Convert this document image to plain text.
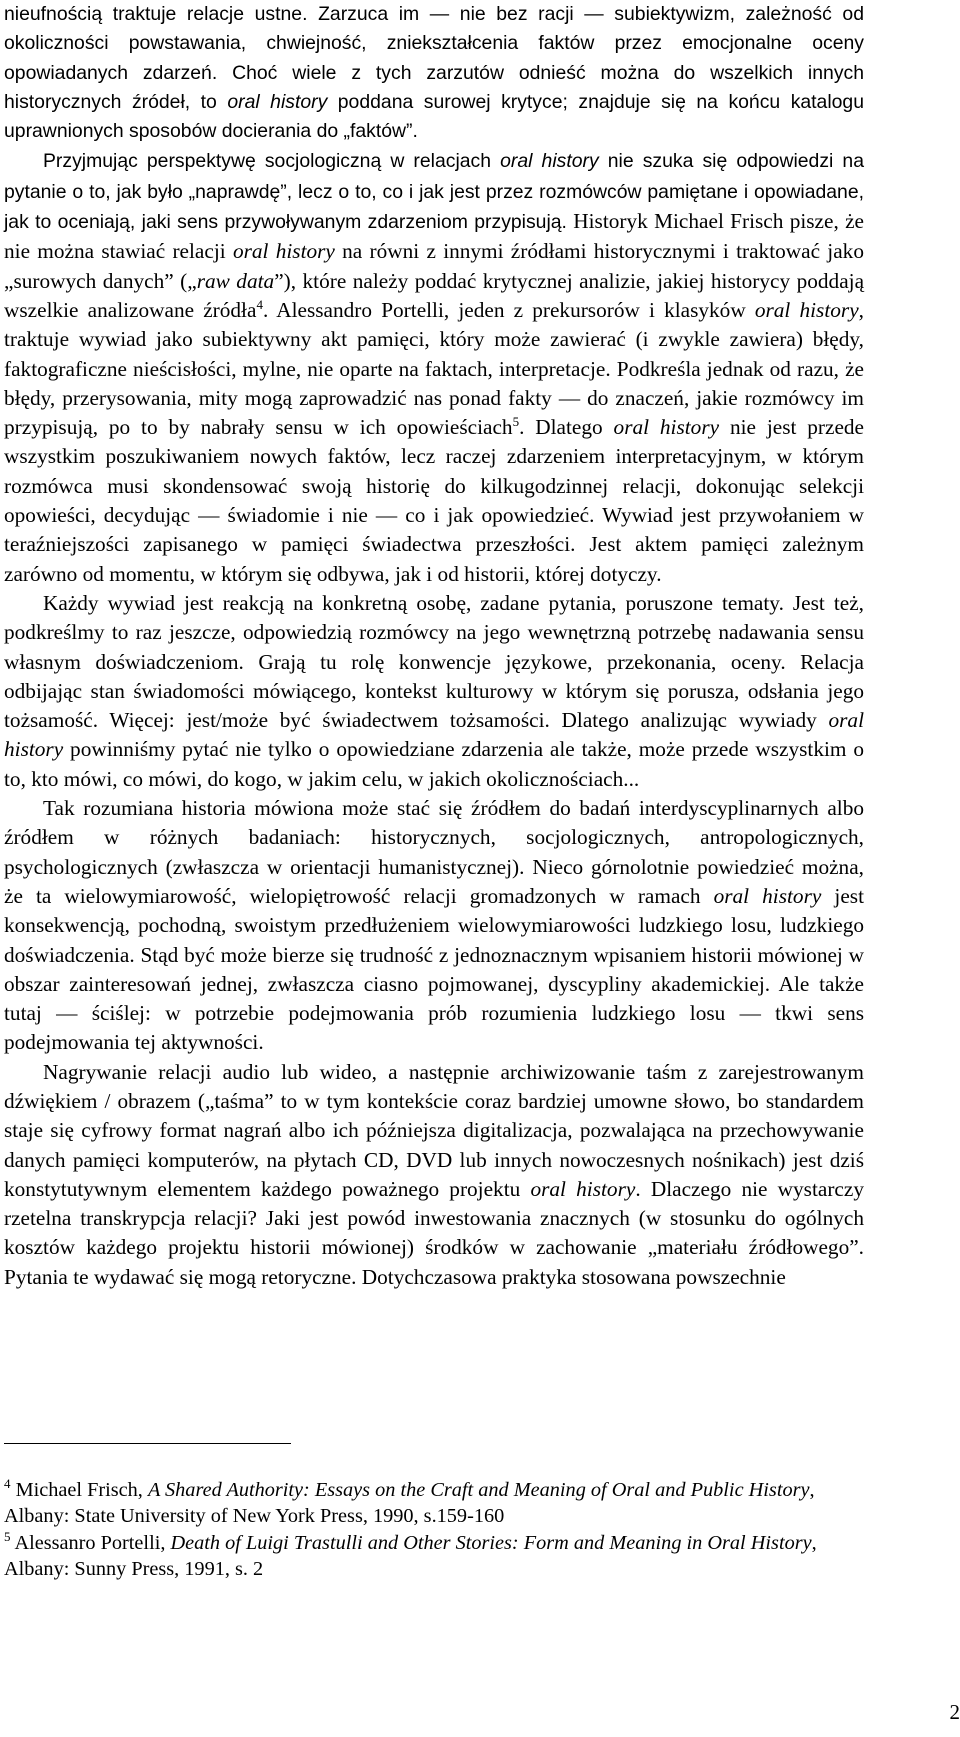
nieufnością traktuje relacje ustne. Zarzuca im — nie bez racji — subiektywizm, zależność od okoliczności powstawania, chwiejność, zniekształcenia faktów przez emocjonalne oceny opowiadanych zdarzeń. Choć wiele z tych zarzutów odnieść można do wszelkich innych historycznych źródeł, to oral history poddana surowej krytyce; znajduje się na końcu katalogu uprawnionych sposobów docierania do „faktów”.

Przyjmując perspektywę socjologiczną w relacjach oral history nie szuka się odpowiedzi na pytanie o to, jak było „naprawdę”, lecz o to, co i jak jest przez rozmówców pamiętane i opowiadane, jak to oceniają, jaki sens przywoływanym zdarzeniom przypisują. Historyk Michael Frisch pisze, że nie można stawiać relacji oral history na równi z innymi źródłami historycznymi i traktować jako „surowych danych” („raw data”), które należy poddać krytycznej analizie, jakiej historycy poddają wszelkie analizowane źródła$^4$. Alessandro Portelli, jeden z prekursorów i klasyków oral history, traktuje wywiad jako subiektywny akt pamięci, który może zawierać (i zwykle zawiera) błędy, faktograficzne nieścisłości, mylne, nie oparte na faktach, interpretacje. Podkreśla jednak od razu, że błędy, przerysowania, mity mogą zaprowadzić nas ponad fakty — do znaczeń, jakie rozmówcy im przypisują, po to by nabrały sensu w ich opowieściach$^5$. Dlatego oral history nie jest przede wszystkim poszukiwaniem nowych faktów, lecz raczej zdarzeniem interpretacyjnym, w którym rozmówca musi skondensować swoją historię do kilkugodzinnej relacji, dokonując selekcji opowieści, decydując — świadomie i nie — co i jak opowiedzieć. Wywiad jest przywołaniem w teraźniejszości zapisanego w pamięci świadectwa przeszłości. Jest aktem pamięci zależnym zarówno od momentu, w którym się odbywa, jak i od historii, której dotyczy.

Każdy wywiad jest reakcją na konkretną osobę, zadane pytania, poruszone tematy. Jest też, podkreślmy to raz jeszcze, odpowiedzią rozmówcy na jego wewnętrzną potrzebę nadawania sensu własnym doświadczeniom. Grają tu rolę konwencje językowe, przekonania, oceny. Relacja odbijając stan świadomości mówiącego, kontekst kulturowy w którym się porusza, odsłania jego tożsamość. Więcej: jest/może być świadectwem tożsamości. Dlatego analizując wywiady oral history powinniśmy pytać nie tylko o opowiedziane zdarzenia ale także, może przede wszystkim o to, kto mówi, co mówi, do kogo, w jakim celu, w jakich okolicznościach...

Tak rozumiana historia mówiona może stać się źródłem do badań interdyscyplinarnych albo źródłem w różnych badaniach: historycznych, socjologicznych, antropologicznych, psychologicznych (zwłaszcza w orientacji humanistycznej). Nieco górnolotnie powiedzieć można, że ta wielowymiarowość, wielopiętrowość relacji gromadzonych w ramach oral history jest konsekwencją, pochodną, swoistym przedłużeniem wielowymiarowości ludzkiego losu, ludzkiego doświadczenia. Stąd być może bierze się trudność z jednoznacznym wpisaniem historii mówionej w obszar zainteresowań jednej, zwłaszcza ciasno pojmowanej, dyscypliny akademickiej. Ale także tutaj — ściślej: w potrzebie podejmowania prób rozumienia ludzkiego losu — tkwi sens podejmowania tej aktywności.

Nagrywanie relacji audio lub wideo, a następnie archiwizowanie taśm z zarejestrowanym dźwiękiem / obrazem („taśma” to w tym kontekście coraz bardziej umowne słowo, bo standardem staje się cyfrowy format nagrań albo ich późniejsza digitalizacja, pozwalająca na przechowywanie danych pamięci komputerów, na płytach CD, DVD lub innych nowoczesnych nośnikach) jest dziś konstytutywnym elementem każdego poważnego projektu oral history. Dlaczego nie wystarczy rzetelna transkrypcja relacji? Jaki jest powód inwestowania znacznych (w stosunku do ogólnych kosztów każdego projektu historii mówionej) środków w zachowanie „materiału źródłowego”. Pytania te wydawać się mogą retoryczne. Dotychczasowa praktyka stosowana powszechnie

$^4$ Michael Frisch, A Shared Authority: Essays on the Craft and Meaning of Oral and Public History, Albany: State University of New York Press, 1990, s.159-160

$^5$ Alessanro Portelli, Death of Luigi Trastulli and Other Stories: Form and Meaning in Oral History, Albany: Sunny Press, 1991, s. 2

2
